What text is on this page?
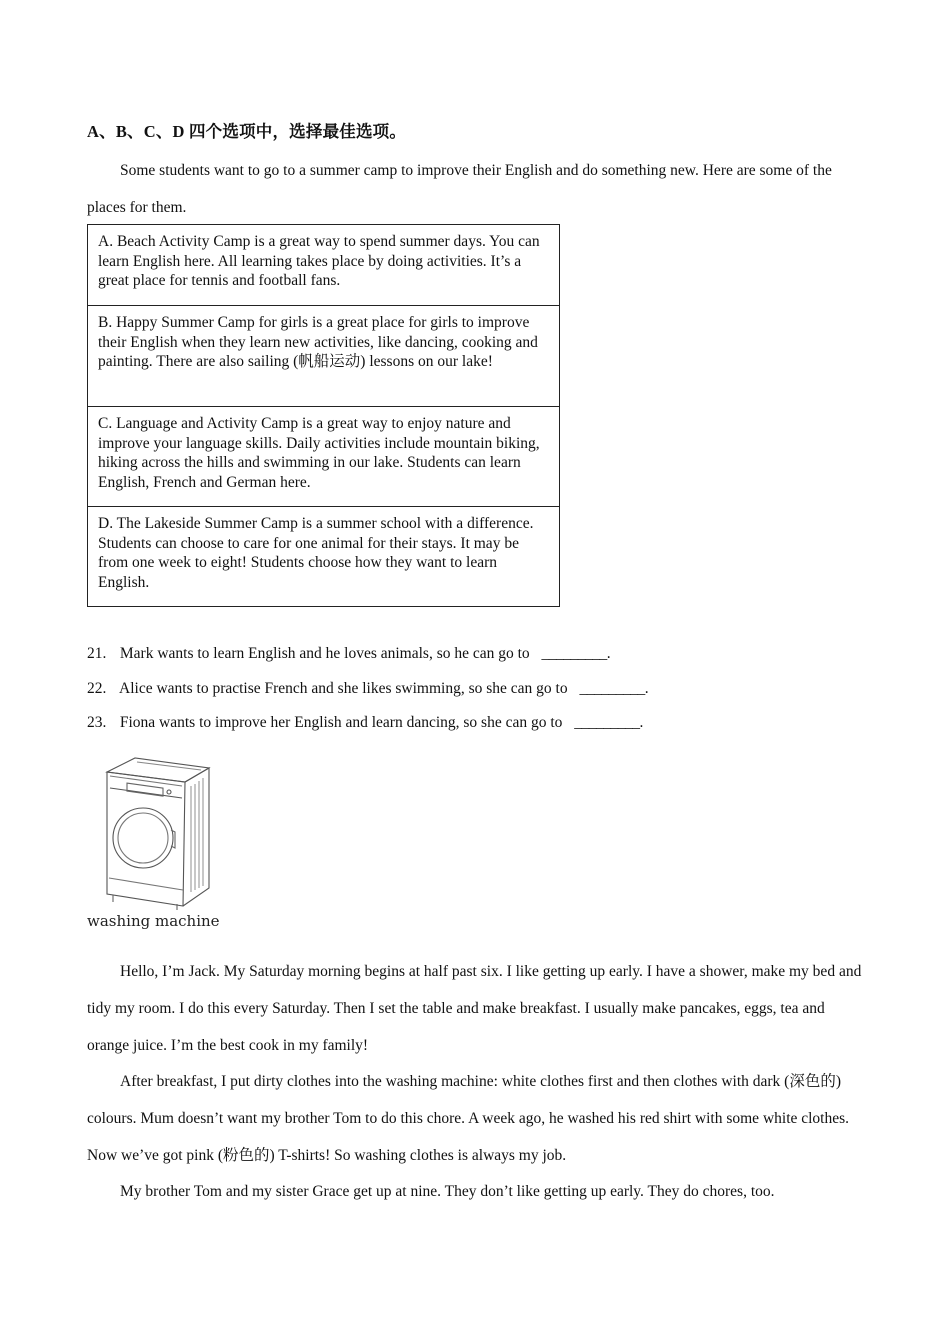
A、B、C、D 四个选项中，选择最佳选项。

Some students want to go to a summer camp to improve their English and do something new. Here are some of the places for them.

A. Beach Activity Camp is a great way to spend summer days. You can learn English here. All learning takes place by doing activities. It’s a great place for tennis and football fans.
B. Happy Summer Camp for girls is a great place for girls to improve their English when they learn new activities, like dancing, cooking and painting. There are also sailing (帆船运动) lessons on our lake!
C. Language and Activity Camp is a great way to enjoy nature and improve your language skills. Daily activities include mountain biking, hiking across the hills and swimming in our lake. Students can learn English, French and German here.
D. The Lakeside Summer Camp is a summer school with a difference. Students can choose to care for one animal for their stays. It may be from one week to eight! Students choose how they want to learn English.
21. Mark wants to learn English and he loves animals, so he can go to _________.
22. Alice wants to practise French and she likes swimming, so she can go to _________.
23. Fiona wants to improve her English and learn dancing, so she can go to _________.
washing machine

Hello, I’m Jack. My Saturday morning begins at half past six. I like getting up early. I have a shower, make my bed and tidy my room. I do this every Saturday. Then I set the table and make breakfast. I usually make pancakes, eggs, tea and orange juice. I’m the best cook in my family!

After breakfast, I put dirty clothes into the washing machine: white clothes first and then clothes with dark (深色的) colours. Mum doesn’t want my brother Tom to do this chore. A week ago, he washed his red shirt with some white clothes. Now we’ve got pink (粉色的) T-shirts! So washing clothes is always my job.

My brother Tom and my sister Grace get up at nine. They don’t like getting up early. They do chores, too.
